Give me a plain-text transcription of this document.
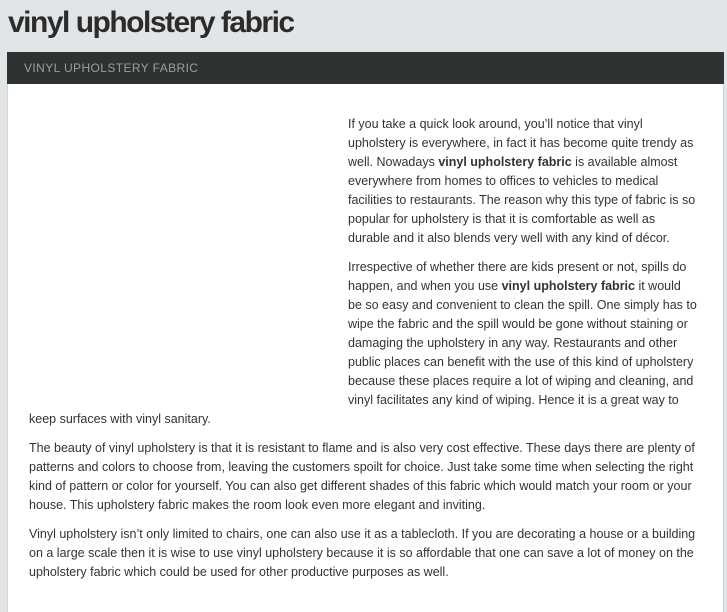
vinyl upholstery fabric
VINYL UPHOLSTERY FABRIC

If you take a quick look around, you’ll notice that vinyl upholstery is everywhere, in fact it has become quite trendy as well. Nowadays vinyl upholstery fabric is available almost everywhere from homes to offices to vehicles to medical facilities to restaurants. The reason why this type of fabric is so popular for upholstery is that it is comfortable as well as durable and it also blends very well with any kind of décor.

Irrespective of whether there are kids present or not, spills do happen, and when you use vinyl upholstery fabric it would be so easy and convenient to clean the spill. One simply has to wipe the fabric and the spill would be gone without staining or damaging the upholstery in any way. Restaurants and other public places can benefit with the use of this kind of upholstery because these places require a lot of wiping and cleaning, and vinyl facilitates any kind of wiping. Hence it is a great way to keep surfaces with vinyl sanitary.

The beauty of vinyl upholstery is that it is resistant to flame and is also very cost effective. These days there are plenty of patterns and colors to choose from, leaving the customers spoilt for choice. Just take some time when selecting the right kind of pattern or color for yourself. You can also get different shades of this fabric which would match your room or your house. This upholstery fabric makes the room look even more elegant and inviting.

Vinyl upholstery isn’t only limited to chairs, one can also use it as a tablecloth. If you are decorating a house or a building on a large scale then it is wise to use vinyl upholstery because it is so affordable that one can save a lot of money on the upholstery fabric which could be used for other productive purposes as well.
